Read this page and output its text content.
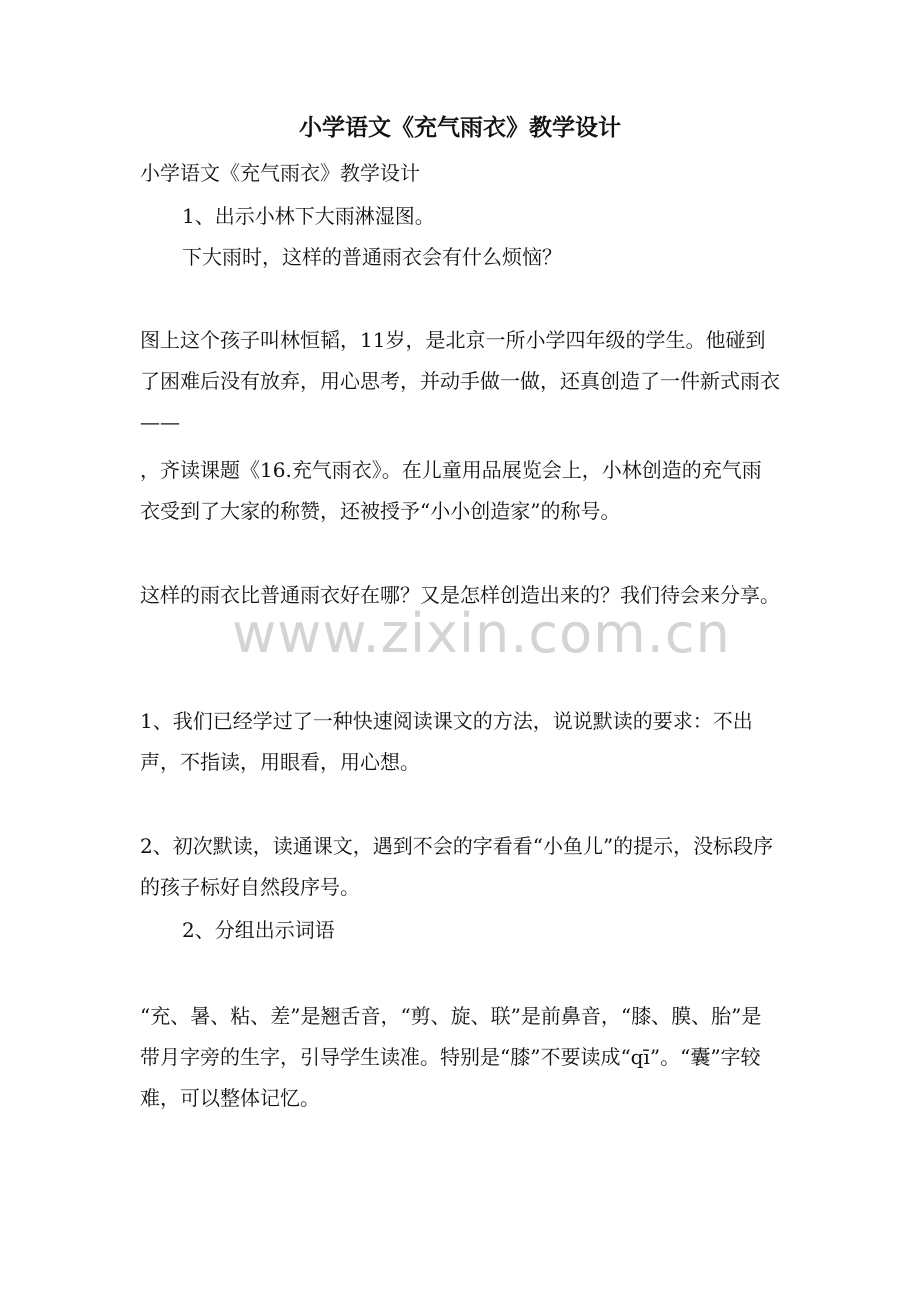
小学语文《充气雨衣》教学设计

小学语文《充气雨衣》教学设计

1、出示小林下大雨淋湿图。

下大雨时，这样的普通雨衣会有什么烦恼？

图上这个孩子叫林恒韬，11岁，是北京一所小学四年级的学生。他碰到了困难后没有放弃，用心思考，并动手做一做，还真创造了一件新式雨衣——

，齐读课题《16.充气雨衣》。在儿童用品展览会上，小林创造的充气雨衣受到了大家的称赞，还被授予“小小创造家”的称号。

这样的雨衣比普通雨衣好在哪？又是怎样创造出来的？我们待会来分享。

1、我们已经学过了一种快速阅读课文的方法，说说默读的要求：不出声，不指读，用眼看，用心想。

2、初次默读，读通课文，遇到不会的字看看“小鱼儿”的提示，没标段序的孩子标好自然段序号。

2、分组出示词语

“充、暑、粘、差”是翘舌音，“剪、旋、联”是前鼻音，“膝、膜、胎”是带月字旁的生字，引导学生读准。特别是“膝”不要读成“qī”。“囊”字较难，可以整体记忆。

www.zixin.com.cn
